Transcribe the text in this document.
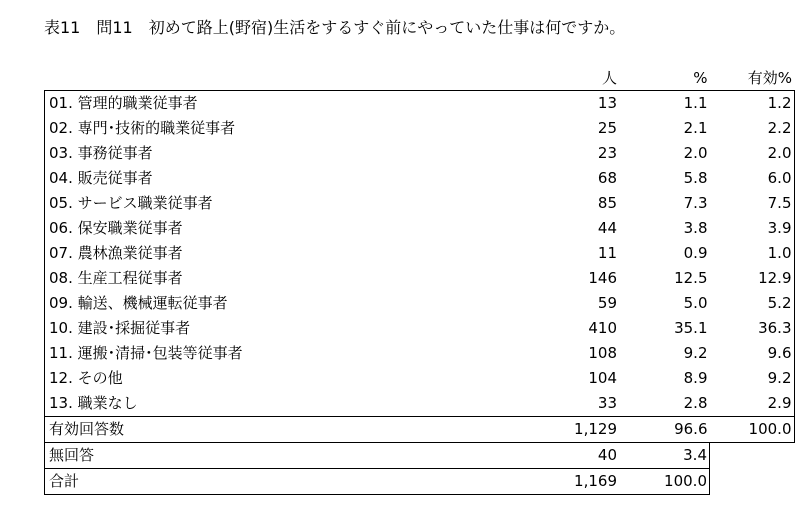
表11　問11　初めて路上(野宿)生活をするすぐ前にやっていた仕事は何ですか。
	人	%	有効%
01. 管理的職業従事者	13	1.1	1.2
02. 専門･技術的職業従事者	25	2.1	2.2
03. 事務従事者	23	2.0	2.0
04. 販売従事者	68	5.8	6.0
05. サービス職業従事者	85	7.3	7.5
06. 保安職業従事者	44	3.8	3.9
07. 農林漁業従事者	11	0.9	1.0
08. 生産工程従事者	146	12.5	12.9
09. 輸送、機械運転従事者	59	5.0	5.2
10. 建設･採掘従事者	410	35.1	36.3
11. 運搬･清掃･包装等従事者	108	9.2	9.6
12. その他	104	8.9	9.2
13. 職業なし	33	2.8	2.9
有効回答数	1,129	96.6	100.0
無回答	40	3.4	
合計	1,169	100.0	
